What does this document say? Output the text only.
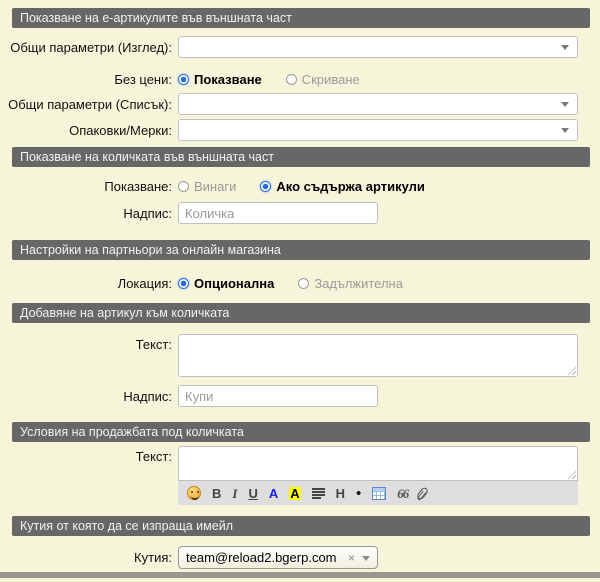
Показване на е-артикулите във външната част
Общи параметри (Изглед):
Без цени:	Показване	Скриване
Общи параметри (Списък):
Опаковки/Мерки:
Показване на количката във външната част
Показване:	Винаги	Ако съдържа артикули
Надпис:
Количка
Настройки на партньори за онлайн магазина
Локация:	Опционална	Задължителна
Добавяне на артикул към количката
Текст:
Надпис:
Купи
Условия на продажбата под количката
Текст:
B I U A A	H •	66
Кутия от която да се изпраща имейл
Кутия:	team@reload2.bgerp.com ×
